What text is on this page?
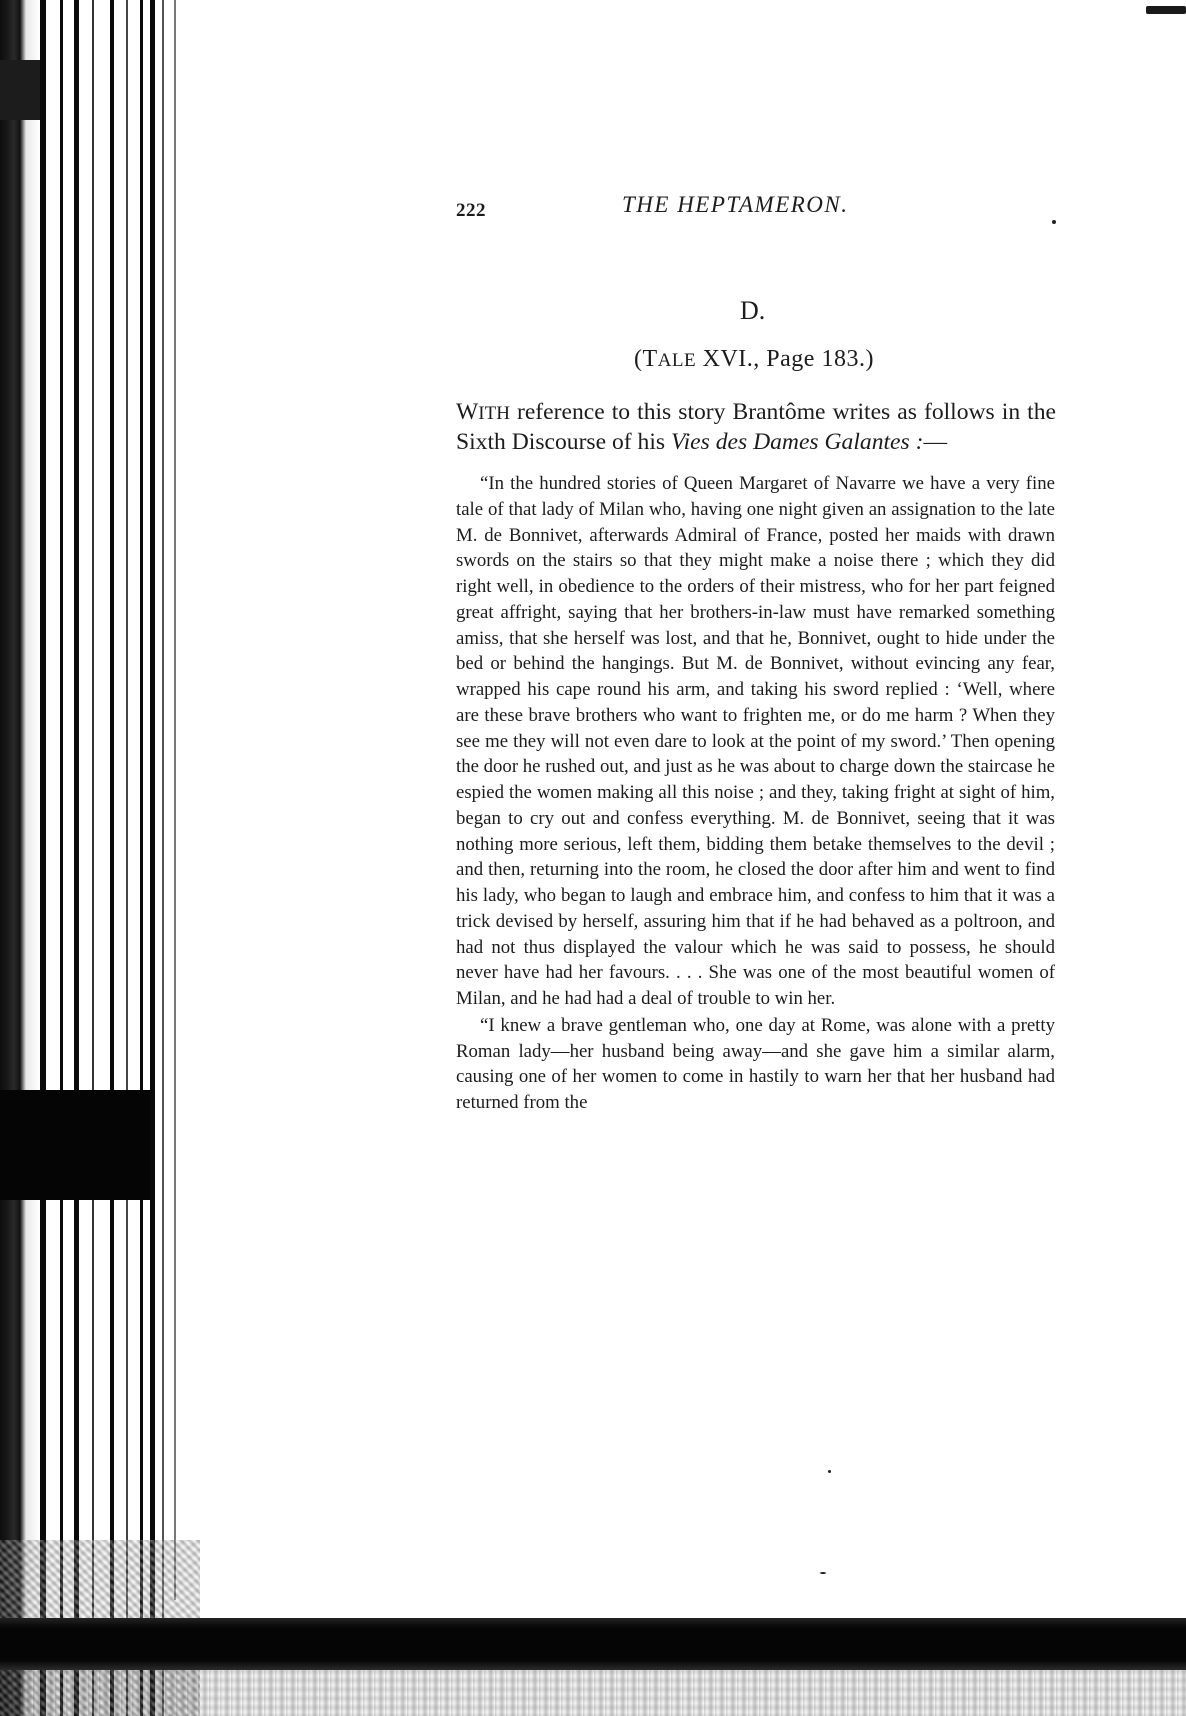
222	THE HEPTAMERON.
D.
(TALE XVI., Page 183.)
WITH reference to this story Brantôme writes as follows in the Sixth Discourse of his Vies des Dames Galantes :—

“In the hundred stories of Queen Margaret of Navarre we have a very fine tale of that lady of Milan who, having one night given an assignation to the late M. de Bonnivet, afterwards Admiral of France, posted her maids with drawn swords on the stairs so that they might make a noise there ; which they did right well, in obedience to the orders of their mistress, who for her part feigned great affright, saying that her brothers-in-law must have remarked something amiss, that she herself was lost, and that he, Bonnivet, ought to hide under the bed or behind the hangings. But M. de Bonnivet, without evincing any fear, wrapped his cape round his arm, and taking his sword replied : ‘Well, where are these brave brothers who want to frighten me, or do me harm ? When they see me they will not even dare to look at the point of my sword.’ Then opening the door he rushed out, and just as he was about to charge down the staircase he espied the women making all this noise ; and they, taking fright at sight of him, began to cry out and confess everything. M. de Bonnivet, seeing that it was nothing more serious, left them, bidding them betake themselves to the devil ; and then, returning into the room, he closed the door after him and went to find his lady, who began to laugh and embrace him, and confess to him that it was a trick devised by herself, assuring him that if he had behaved as a poltroon, and had not thus displayed the valour which he was said to possess, he should never have had her favours. . . . She was one of the most beautiful women of Milan, and he had had a deal of trouble to win her.

“I knew a brave gentleman who, one day at Rome, was alone with a pretty Roman lady—her husband being away—and she gave him a similar alarm, causing one of her women to come in hastily to warn her that her husband had returned from the
